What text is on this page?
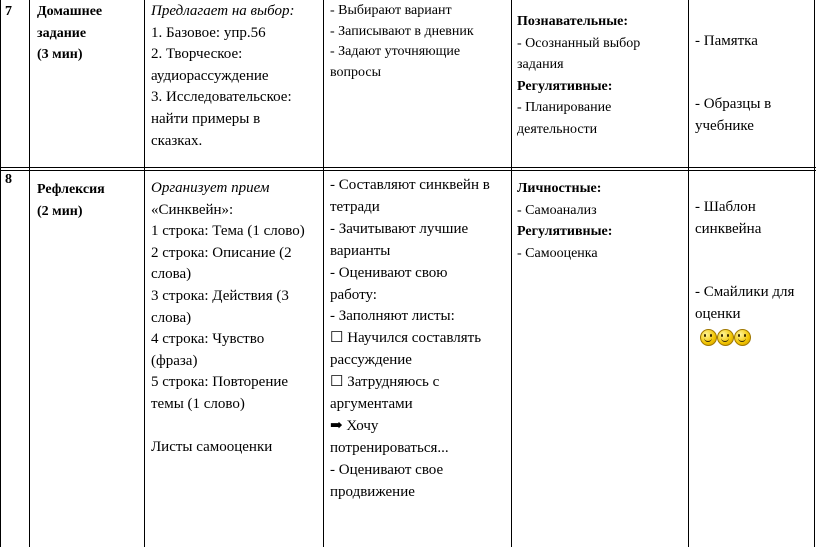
7 Домашнее

задание

(3 мин)

Предлагает на выбор:

1. Базовое: упр.56

2. Творческое:

аудиорассуждение

3. Исследовательское:

найти примеры в

сказках.

- Выбирают вариант

- Записывают в дневник

- Задают уточняющие

вопросы

Познавательные:

- Осознанный выбор

задания

Регулятивные:

- Планирование

деятельности

- Памятка

- Образцы в

учебнике

8

Рефлексия

(2 мин)

Организует прием

«Синквейн»:

1 строка: Тема (1 слово)

2 строка: Описание (2

слова)

3 строка: Действия (3

слова)

4 строка: Чувство

(фраза)

5 строка: Повторение

темы (1 слово)

Листы самооценки

- Составляют синквейн в

тетради

- Зачитывают лучшие

варианты

- Оценивают свою

работу:

- Заполняют листы:

☐ Научился составлять

рассуждение

☐ Затрудняюсь с

аргументами

➡ Хочу

потренироваться...

- Оценивают свое

продвижение

Личностные:

- Самоанализ

Регулятивные:

- Самооценка

- Шаблон

синквейна

- Смайлики для

оценки
